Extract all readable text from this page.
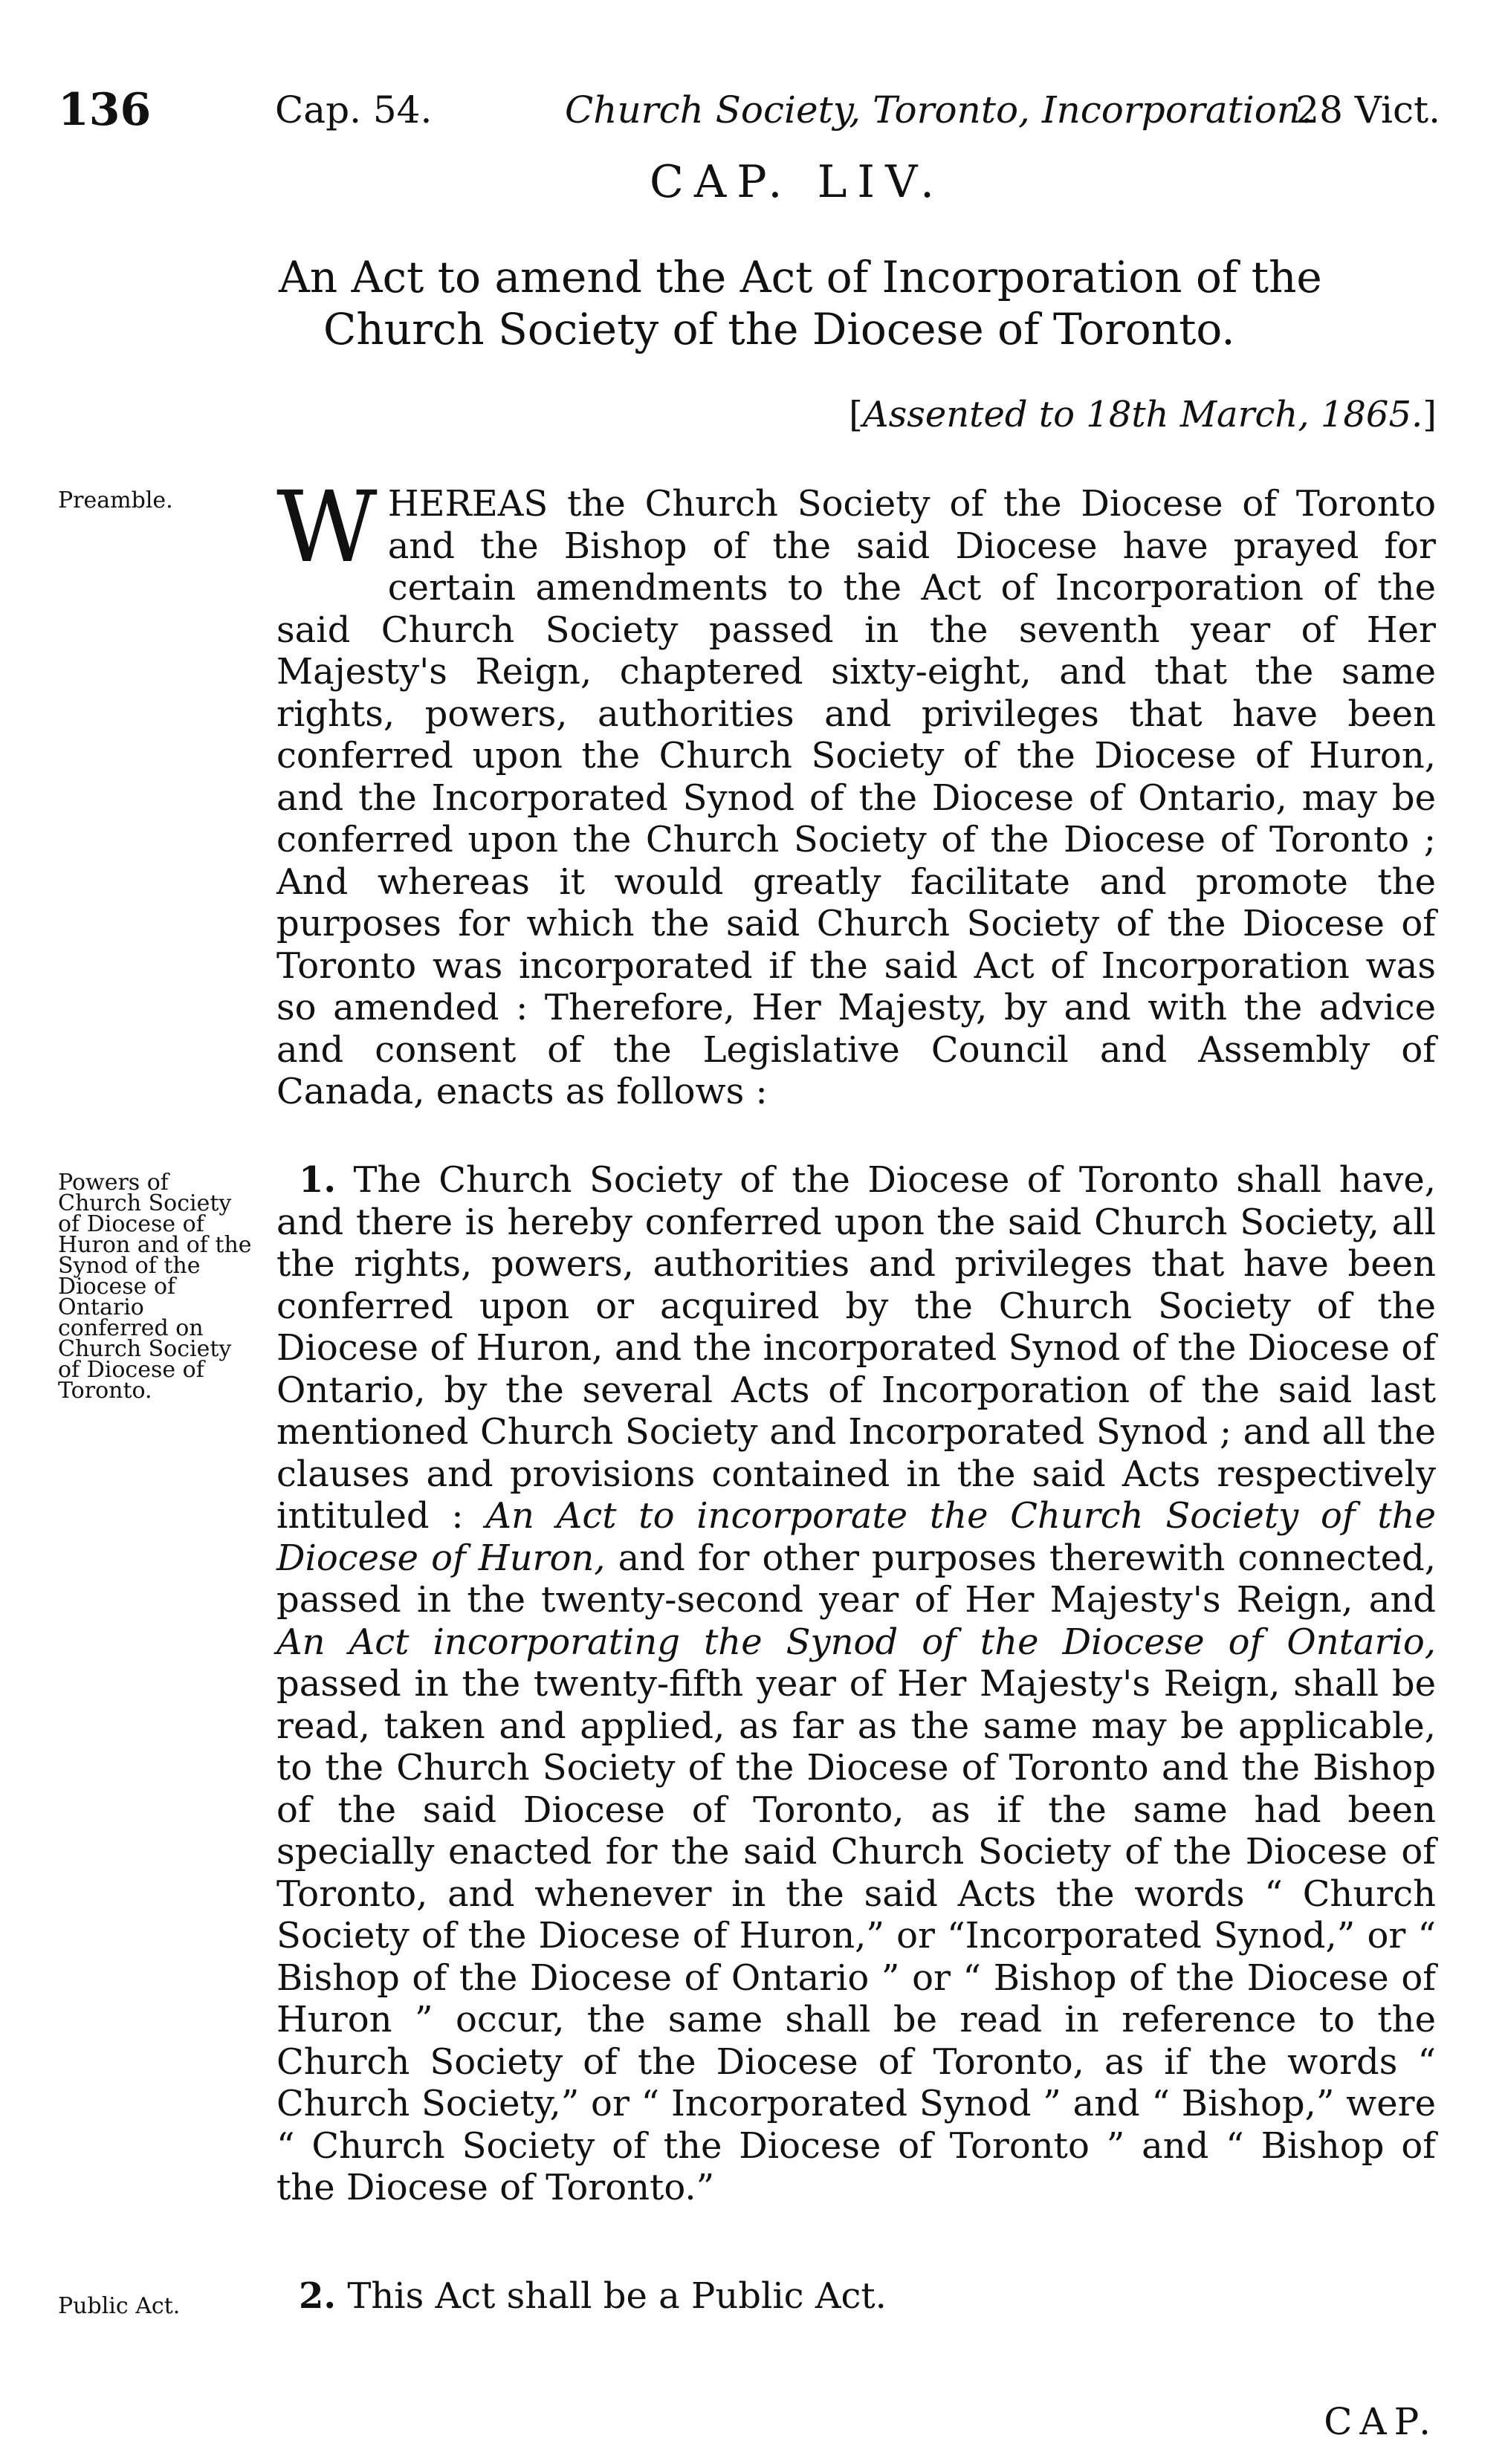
136	Cap. 54.	Church Society, Toronto, Incorporation.
28 Vict.
CAP. LIV.
An Act to amend the Act of Incorporation of the
Church Society of the Diocese of Toronto.
[Assented to 18th March, 1865.]
Preamble.	WHEREAS the Church Society of the Diocese of Toronto and the Bishop of the said Diocese have prayed for certain amendments to the Act of Incorporation of the said Church Society passed in the seventh year of Her Majesty's Reign, chaptered sixty-eight, and that the same rights, powers, authorities and privileges that have been conferred upon the Church Society of the Diocese of Huron, and the Incorporated Synod of the Diocese of Ontario, may be conferred upon the Church Society of the Diocese of Toronto ; And whereas it would greatly facilitate and promote the purposes for which the said Church Society of the Diocese of Toronto was incorporated if the said Act of Incorporation was so amended : Therefore, Her Majesty, by and with the advice and consent of the Legislative Council and Assembly of Canada, enacts as follows :
Powers of Church Society of Diocese of Huron and of the Synod of the Diocese of Ontario conferred on Church Society of Diocese of Toronto.
1. The Church Society of the Diocese of Toronto shall have, and there is hereby conferred upon the said Church Society, all the rights, powers, authorities and privileges that have been conferred upon or acquired by the Church Society of the Diocese of Huron, and the incorporated Synod of the Diocese of Ontario, by the several Acts of Incorporation of the said last mentioned Church Society and Incorporated Synod ; and all the clauses and provisions contained in the said Acts respectively intituled : An Act to incorporate the Church Society of the Diocese of Huron, and for other purposes therewith connected, passed in the twenty-second year of Her Majesty's Reign, and An Act incorporating the Synod of the Diocese of Ontario, passed in the twenty-fifth year of Her Majesty's Reign, shall be read, taken and applied, as far as the same may be applicable, to the Church Society of the Diocese of Toronto and the Bishop of the said Diocese of Toronto, as if the same had been specially enacted for the said Church Society of the Diocese of Toronto, and whenever in the said Acts the words “ Church Society of the Diocese of Huron,” or “Incorporated Synod,” or “ Bishop of the Diocese of Ontario ” or “ Bishop of the Diocese of Huron ” occur, the same shall be read in reference to the Church Society of the Diocese of Toronto, as if the words “ Church Society,” or “ Incorporated Synod ” and “ Bishop,” were “ Church Society of the Diocese of Toronto ” and “ Bishop of the Diocese of Toronto.”
Public Act.	2. This Act shall be a Public Act.
CAP.
